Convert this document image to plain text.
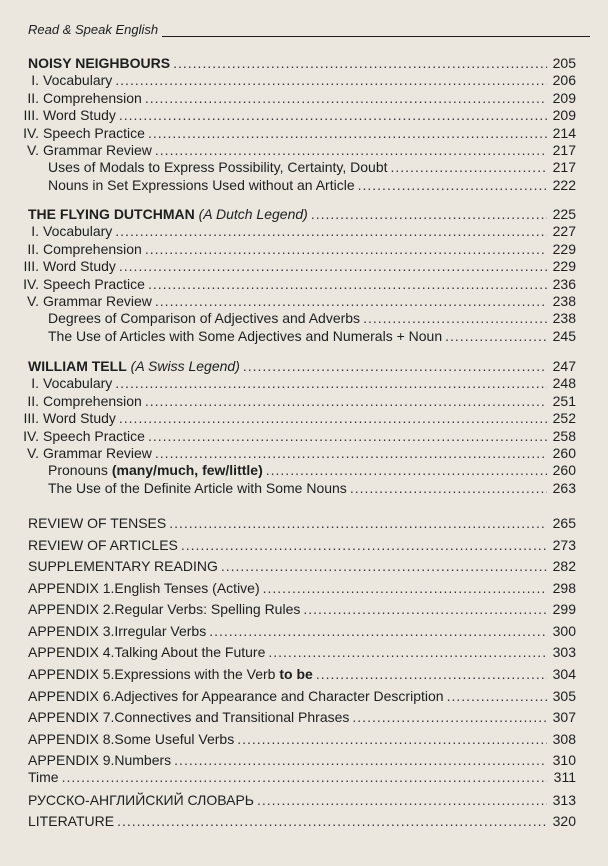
Read & Speak English
NOISY NEIGHBOURS .....	205
I. Vocabulary .....	206
II. Comprehension .....	209
III. Word Study .....	209
IV. Speech Practice .....	214
V. Grammar Review .....	217
Uses of Modals to Express Possibility, Certainty, Doubt .....	217
Nouns in Set Expressions Used without an Article .....	222
THE FLYING DUTCHMAN (A Dutch Legend) .....	225
I. Vocabulary .....	227
II. Comprehension .....	229
III. Word Study .....	229
IV. Speech Practice .....	236
V. Grammar Review .....	238
Degrees of Comparison of Adjectives and Adverbs .....	238
The Use of Articles with Some Adjectives and Numerals + Noun .....	245
WILLIAM TELL (A Swiss Legend) .....	247
I. Vocabulary .....	248
II. Comprehension .....	251
III. Word Study .....	252
IV. Speech Practice .....	258
V. Grammar Review .....	260
Pronouns (many/much, few/little) .....	260
The Use of the Definite Article with Some Nouns .....	263
REVIEW OF TENSES .....	265
REVIEW OF ARTICLES .....	273
SUPPLEMENTARY READING .....	282
APPENDIX 1.English Tenses (Active) .....	298
APPENDIX 2.Regular Verbs: Spelling Rules .....	299
APPENDIX 3.Irregular Verbs .....	300
APPENDIX 4.Talking About the Future .....	303
APPENDIX 5.Expressions with the Verb to be .....	304
APPENDIX 6.Adjectives for Appearance and Character Description .....	305
APPENDIX 7.Connectives and Transitional Phrases .....	307
APPENDIX 8.Some Useful Verbs .....	308
APPENDIX 9.Numbers .....	310
Time .....	311
РУССКО-АНГЛИЙСКИЙ СЛОВАРЬ .....	313
LITERATURE .....	320
